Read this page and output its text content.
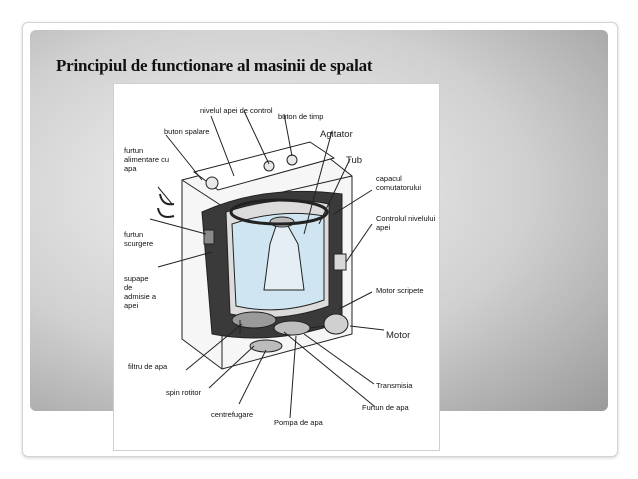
Principiul de functionare al masinii de spalat
nivelul apei de control
buton de timp
buton spalare	Agitator
Tub
furtun alimentare cu apa
capacul comutatorului
furtun scurgere
Controlul nivelului apei
supape de admisie a apei
Motor scripete
Motor
filtru de apa
Transmisia
spin rotitor
Furtun de apa
centrefugare
Pompa de apa
